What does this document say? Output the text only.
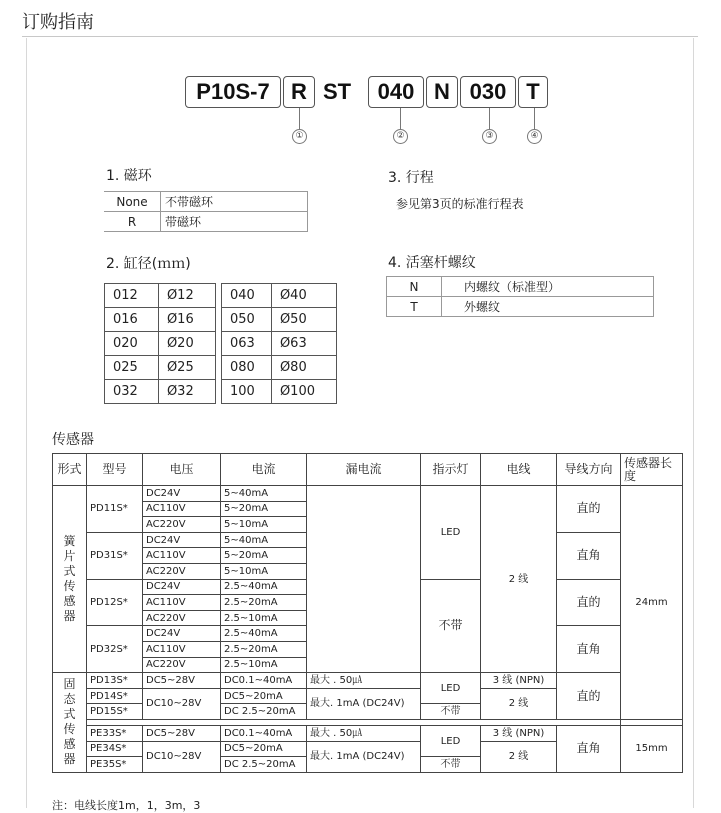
订购指南
P10S-7 R ST	040 N 030 T
①	②	③	④
1. 磁环
None	不带磁环
R	带磁环
2. 缸径(ｍｍ)
012	Ø12
016	Ø16
020	Ø20
025	Ø25
032	Ø32
040	Ø40
050	Ø50
063	Ø63
080	Ø80
100	Ø100
3. 行程
参见第3页的标准行程表
4. 活塞杆螺纹
N	内螺纹（标准型）
T	外螺纹
传感器
形式	型号	电压	电流	漏电流	指示灯	电线	导线方向	传感器长度
簧片式传感器	PD11S*	DC24V	5~40mA		LED	2 线	直的	24mm
		AC110V	5~20mA					
		AC220V	5~10mA					
	PD31S*	DC24V	5~40mA				直角	
		AC110V	5~20mA					
		AC220V	5~10mA					
	PD12S*	DC24V	2.5~40mA		不带		直的	
		AC110V	2.5~20mA					
		AC220V	2.5~10mA					
	PD32S*	DC24V	2.5~40mA				直角	
		AC110V	2.5~20mA					
		AC220V	2.5~10mA					
固态式传感器	PD13S*	DC5~28V	DC0.1~40mA	最大 . 50㎂	LED	3 线 (NPN)	直的	
	PD14S*	DC10~28V	DC5~20mA	最大. 1mA (DC24V)		2 线		
	PD15S*		DC 2.5~20mA		不带			

	PE33S*	DC5~28V	DC0.1~40mA	最大 . 50㎂	LED	3 线 (NPN)	直角	15mm
	PE34S*	DC10~28V	DC5~20mA	最大. 1mA (DC24V)		2 线		
	PE35S*		DC 2.5~20mA		不带			
注：电线长度1m，1，3m，3
